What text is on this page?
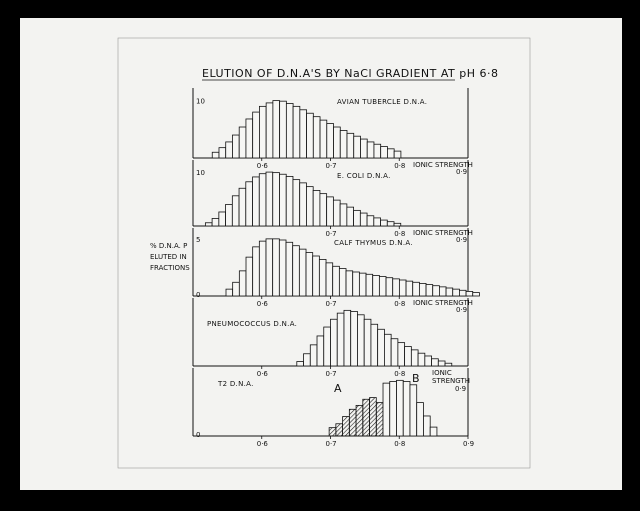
ELUTION OF D.N.A'S BY NaCl GRADIENT AT pH 6·8
% D.N.A. P
ELUTED IN
FRACTIONS
10	AVIAN TUBERCLE D.N.A.
0·6	0·7	0·8 IONIC STRENGTH
0·9
10	E. COLI D.N.A.
0·7	0·8 IONIC STRENGTH
0·9
5
0
CALF THYMUS D.N.A.
0·6	0·7	0·8 IONIC STRENGTH
0·9
PNEUMOCOCCUS D.N.A.
0·6	0·7	0·8
0
T2 D.N.A.
0·6	0·7	0·8	0·9
IONIC
STRENGTH
0·9
A
B
